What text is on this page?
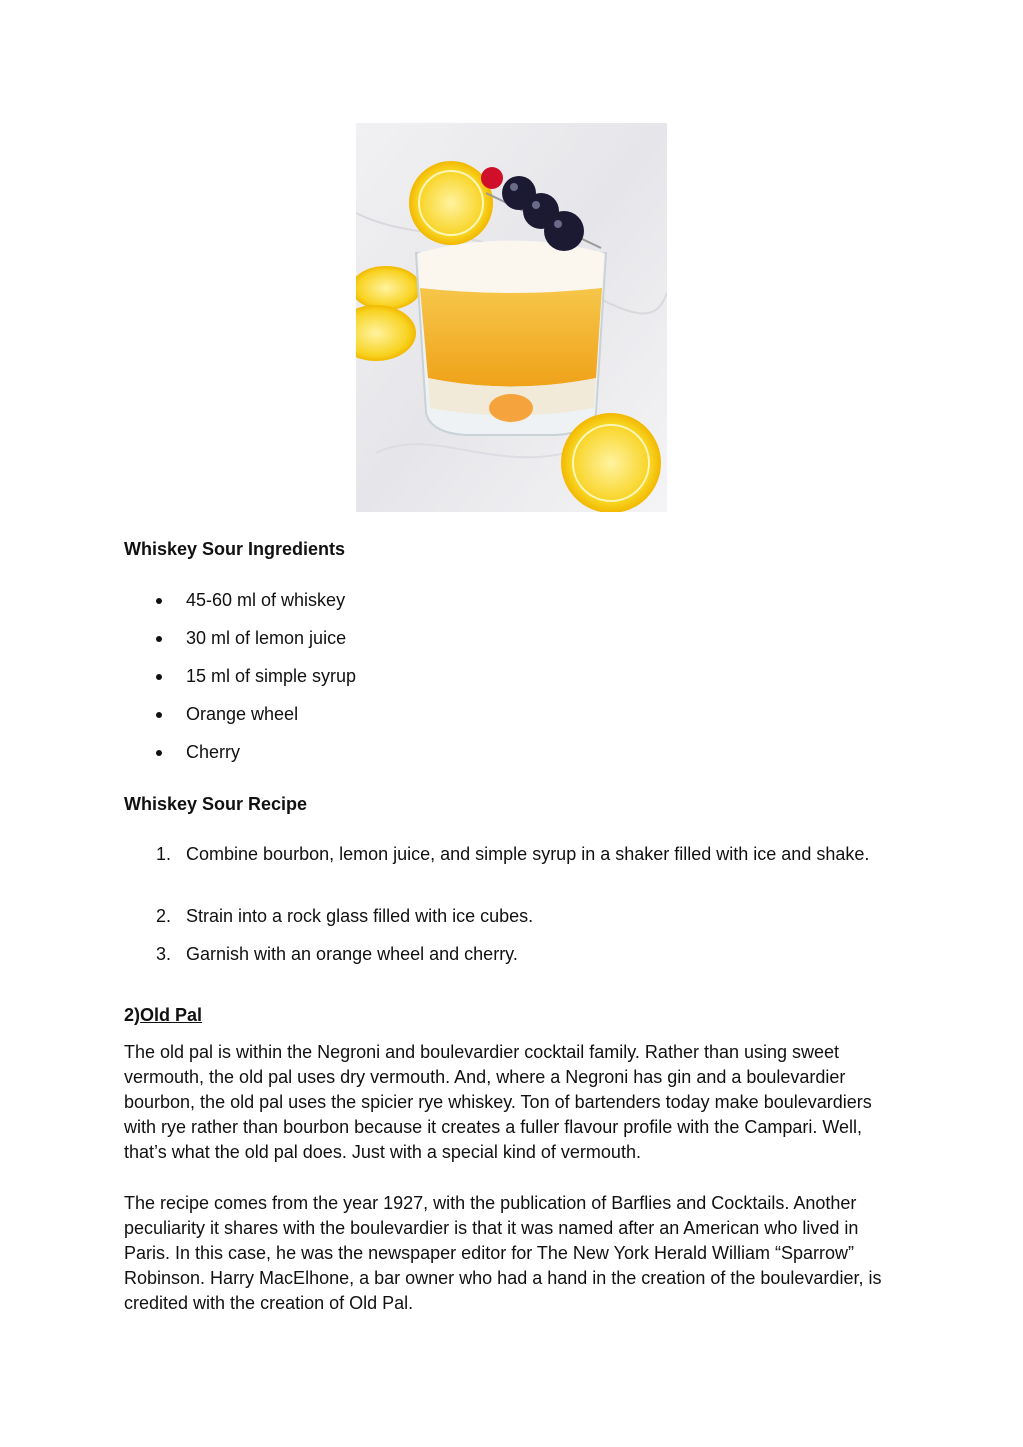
Whiskey Sour Ingredients
45-60 ml of whiskey
30 ml of lemon juice
15 ml of simple syrup
Orange wheel
Cherry
Whiskey Sour Recipe
1. Combine bourbon, lemon juice, and simple syrup in a shaker filled with ice and shake.
2. Strain into a rock glass filled with ice cubes.
3. Garnish with an orange wheel and cherry.
2)Old Pal
The old pal is within the Negroni and boulevardier cocktail family. Rather than using sweet vermouth, the old pal uses dry vermouth. And, where a Negroni has gin and a boulevardier bourbon, the old pal uses the spicier rye whiskey. Ton of bartenders today make boulevardiers with rye rather than bourbon because it creates a fuller flavour profile with the Campari. Well, that’s what the old pal does. Just with a special kind of vermouth.
The recipe comes from the year 1927, with the publication of Barflies and Cocktails. Another peculiarity it shares with the boulevardier is that it was named after an American who lived in Paris. In this case, he was the newspaper editor for The New York Herald William “Sparrow” Robinson. Harry MacElhone, a bar owner who had a hand in the creation of the boulevardier, is credited with the creation of Old Pal.
